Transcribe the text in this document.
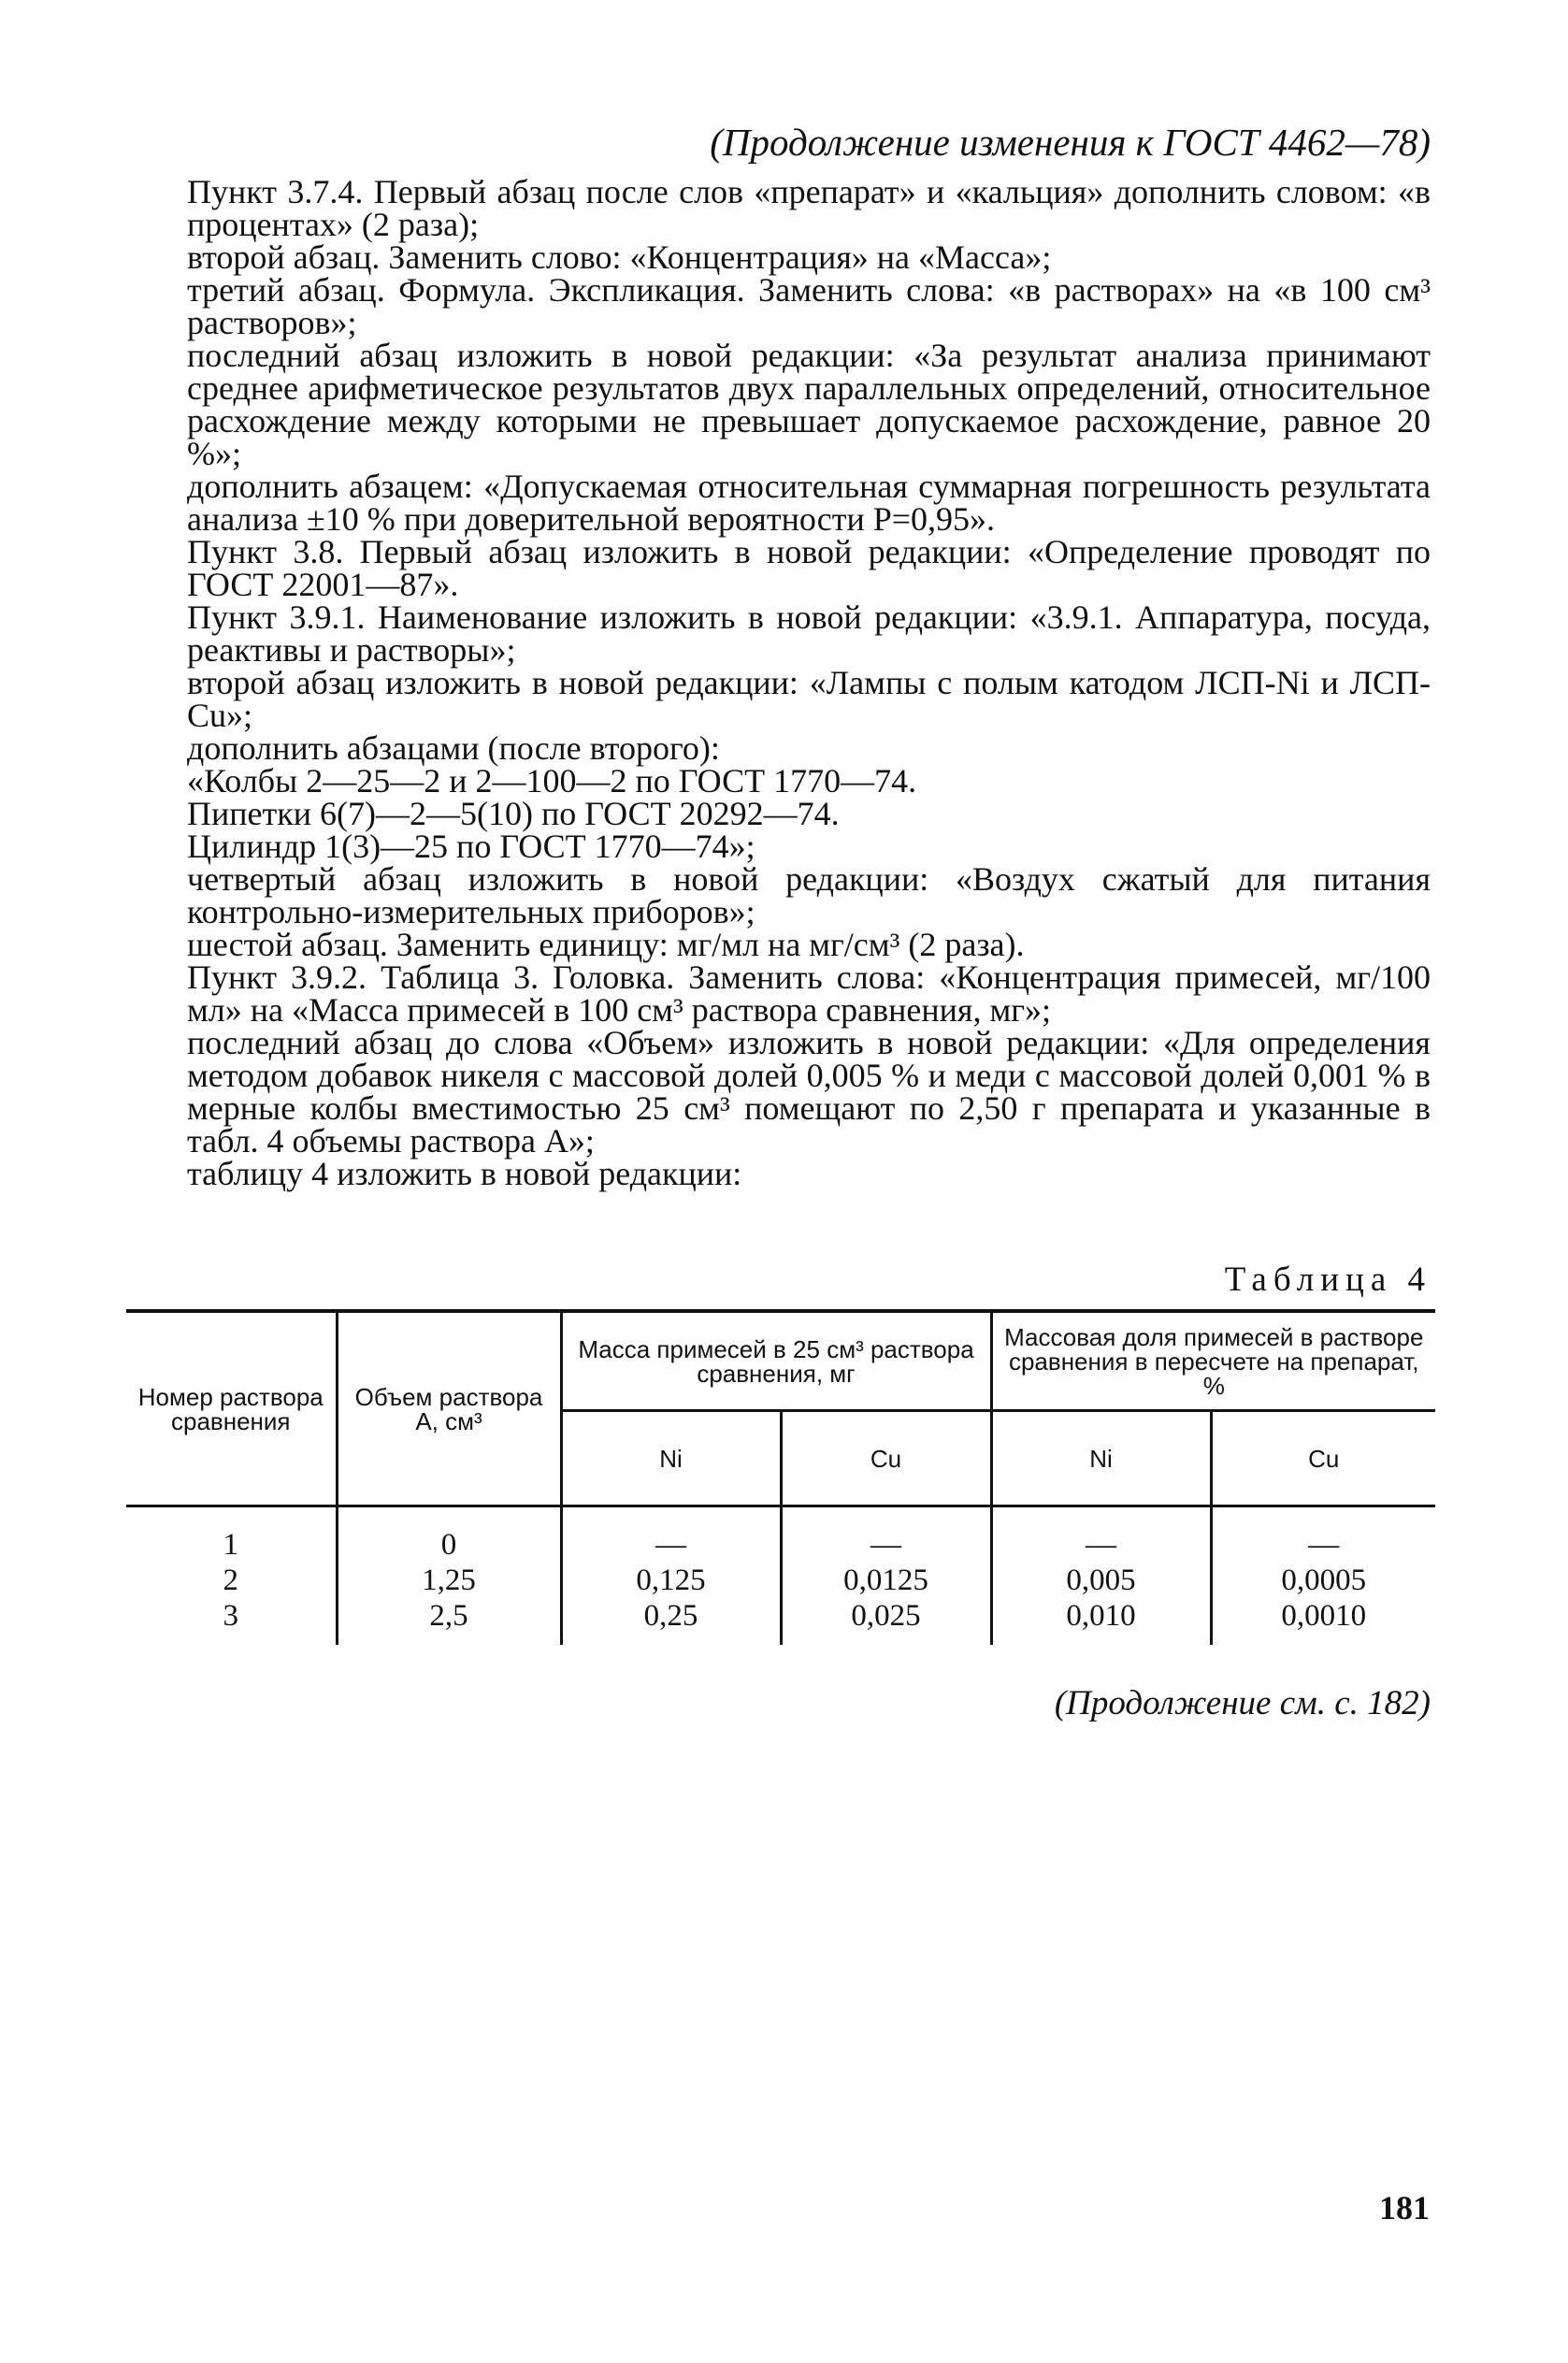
(Продолжение изменения к ГОСТ 4462—78)

Пункт 3.7.4. Первый абзац после слов «препарат» и «кальция» дополнить словом: «в процентах» (2 раза);

второй абзац. Заменить слово: «Концентрация» на «Масса»;

третий абзац. Формула. Экспликация. Заменить слова: «в растворах» на «в 100 см³ растворов»;

последний абзац изложить в новой редакции: «За результат анализа принимают среднее арифметическое результатов двух параллельных определений, относительное расхождение между которыми не превышает допускаемое расхождение, равное 20 %»;

дополнить абзацем: «Допускаемая относительная суммарная погрешность результата анализа ±10 % при доверительной вероятности P=0,95».

Пункт 3.8. Первый абзац изложить в новой редакции: «Определение проводят по ГОСТ 22001—87».

Пункт 3.9.1. Наименование изложить в новой редакции: «3.9.1. Аппаратура, посуда, реактивы и растворы»;

второй абзац изложить в новой редакции: «Лампы с полым катодом ЛСП-Ni и ЛСП-Cu»;

дополнить абзацами (после второго):

«Колбы 2—25—2 и 2—100—2 по ГОСТ 1770—74.

Пипетки 6(7)—2—5(10) по ГОСТ 20292—74.

Цилиндр 1(3)—25 по ГОСТ 1770—74»;

четвертый абзац изложить в новой редакции: «Воздух сжатый для питания контрольно-измерительных приборов»;

шестой абзац. Заменить единицу: мг/мл на мг/см³ (2 раза).

Пункт 3.9.2. Таблица 3. Головка. Заменить слова: «Концентрация примесей, мг/100 мл» на «Масса примесей в 100 см³ раствора сравнения, мг»;

последний абзац до слова «Объем» изложить в новой редакции: «Для определения методом добавок никеля с массовой долей 0,005 % и меди с массовой долей 0,001 % в мерные колбы вместимостью 25 см³ помещают по 2,50 г препарата и указанные в табл. 4 объемы раствора А»;

таблицу 4 изложить в новой редакции:

Таблица 4
Номер раствора сравнения	Объем раствора А, см³	Масса примесей в 25 см³ раствора сравнения, мг		Массовая доля примесей в растворе сравнения в пересчете на препарат, %	
		Ni	Cu	Ni	Cu
1	0	—	—	—	—
2	1,25	0,125	0,0125	0,005	0,0005
3	2,5	0,25	0,025	0,010	0,0010
(Продолжение см. с. 182)
181
